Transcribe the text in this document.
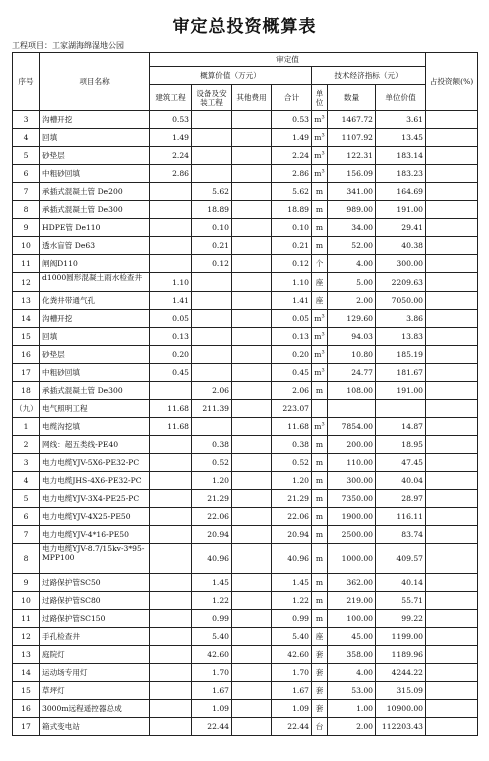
审定总投资概算表
工程项目：工家湖海绵湿地公园
序号	项目名称	审定值							占投资额(%)
		概算价值（万元）				技术经济指标（元）			
		建筑工程	设备及安装工程	其他费用	合计	单位	数量	单位价值	
3	沟槽开挖	0.53			0.53	$m^3$	1467.72	3.61	
4	回填	1.49			1.49	$m^3$	1107.92	13.45	
5	砂垫层	2.24			2.24	$m^3$	122.31	183.14	
6	中粗砂回填	2.86			2.86	$m^3$	156.09	183.23	
7	承插式混凝土管 De200		5.62		5.62	m	341.00	164.69	
8	承插式混凝土管 De300		18.89		18.89	m	989.00	191.00	
9	HDPE管 De110		0.10		0.10	m	34.00	29.41	
10	透水盲管 De63		0.21		0.21	m	52.00	40.38	
11	闸阀D110		0.12		0.12	个	4.00	300.00	
12	d1000圆形混凝土雨水检查井	1.10			1.10	座	5.00	2209.63	
13	化粪井带通气孔	1.41			1.41	座	2.00	7050.00	
14	沟槽开挖	0.05			0.05	$m^3$	129.60	3.86	
15	回填	0.13			0.13	$m^3$	94.03	13.83	
16	砂垫层	0.20			0.20	$m^3$	10.80	185.19	
17	中粗砂回填	0.45			0.45	$m^3$	24.77	181.67	
18	承插式混凝土管 De300		2.06		2.06	m	108.00	191.00	
（九）	电气照明工程	11.68	211.39		223.07				
1	电缆沟挖填	11.68			11.68	$m^3$	7854.00	14.87	
2	网线：超五类线-PE40		0.38		0.38	m	200.00	18.95	
3	电力电缆YJV-5X6-PE32-PC		0.52		0.52	m	110.00	47.45	
4	电力电缆JHS-4X6-PE32-PC		1.20		1.20	m	300.00	40.04	
5	电力电缆YJV-3X4-PE25-PC		21.29		21.29	m	7350.00	28.97	
6	电力电缆YJV-4X25-PE50		22.06		22.06	m	1900.00	116.11	
7	电力电缆YJV-4*16-PE50		20.94		20.94	m	2500.00	83.74	
8	电力电缆YJV-8.7/15kv-3*95-MPP100		40.96		40.96	m	1000.00	409.57	
9	过路保护管SC50		1.45		1.45	m	362.00	40.14	
10	过路保护管SC80		1.22		1.22	m	219.00	55.71	
11	过路保护管SC150		0.99		0.99	m	100.00	99.22	
12	手孔检查井		5.40		5.40	座	45.00	1199.00	
13	庭院灯		42.60		42.60	套	358.00	1189.96	
14	运动场专用灯		1.70		1.70	套	4.00	4244.22	
15	草坪灯		1.67		1.67	套	53.00	315.09	
16	3000m远程遥控器总成		1.09		1.09	套	1.00	10900.00	
17	箱式变电站		22.44		22.44	台	2.00	112203.43	
